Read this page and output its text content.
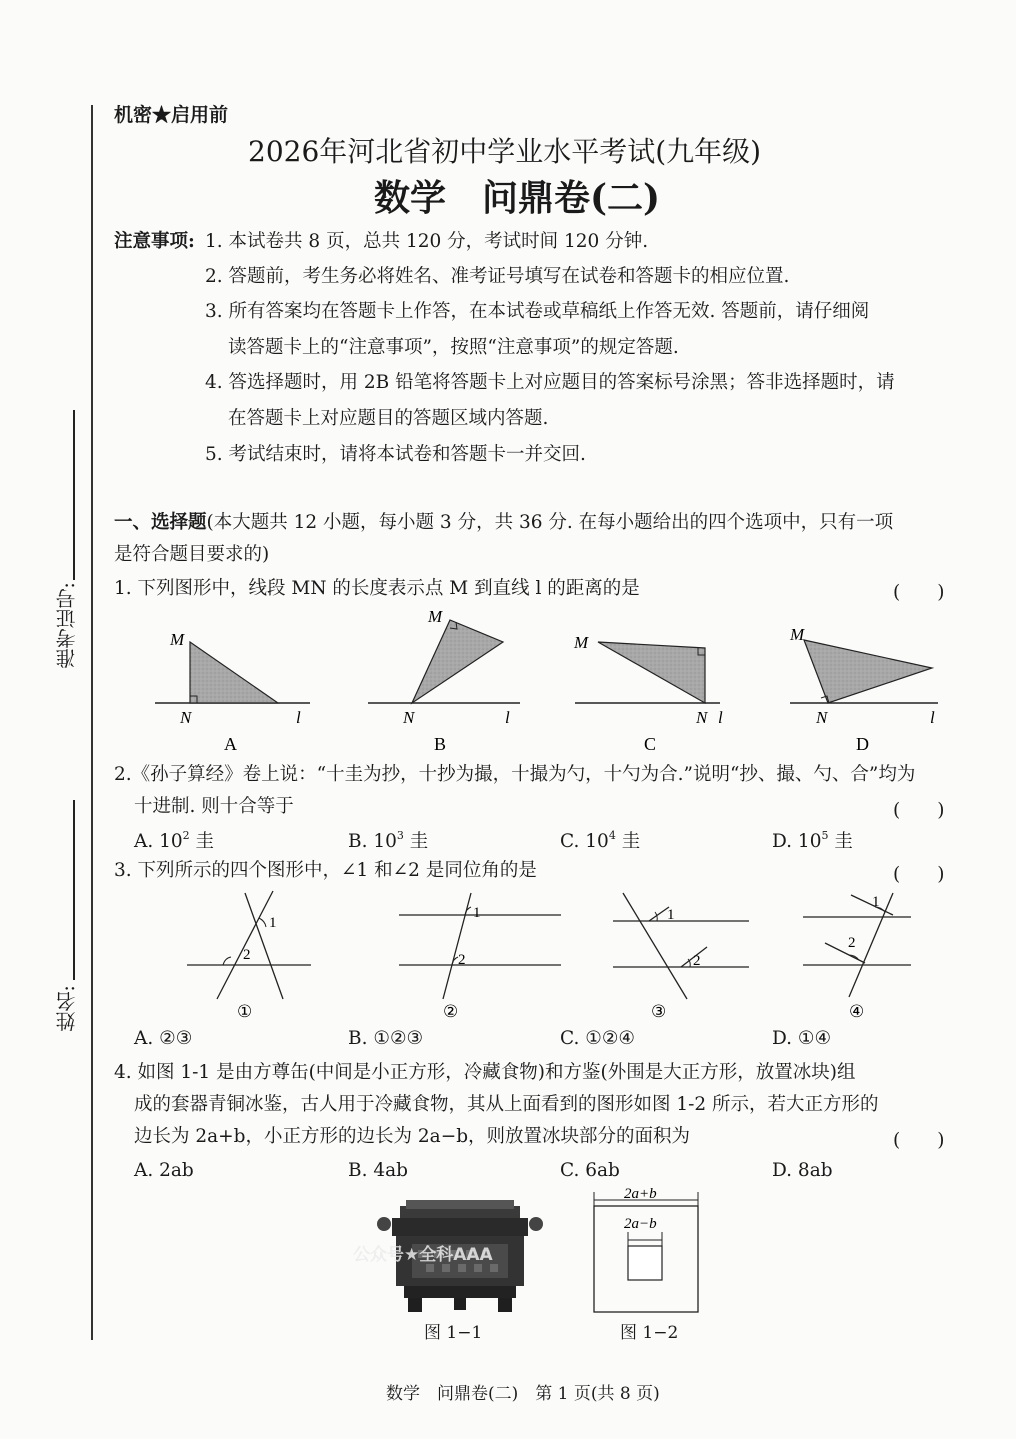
准考证号:
姓名:
机密★启用前
2026年河北省初中学业水平考试(九年级)
数学　问鼎卷(二)
注意事项: 1. 本试卷共 8 页，总共 120 分，考试时间 120 分钟.
2. 答题前，考生务必将姓名、准考证号填写在试卷和答题卡的相应位置.
3. 所有答案均在答题卡上作答，在本试卷或草稿纸上作答无效. 答题前，请仔细阅
读答题卡上的“注意事项”，按照“注意事项”的规定答题.
4. 答选择题时，用 2B 铅笔将答题卡上对应题目的答案标号涂黑；答非选择题时，请
在答题卡上对应题目的答题区域内答题.
5. 考试结束时，请将本试卷和答题卡一并交回.
一、选择题(本大题共 12 小题，每小题 3 分，共 36 分. 在每小题给出的四个选项中，只有一项
是符合题目要求的)
1. 下列图形中，线段 MN 的长度表示点 M 到直线 l 的距离的是	(　　)
M
N	l
A
M
N	l
B
M
N l
C
M
N	l
D
2.《孙子算经》卷上说：“十圭为抄，十抄为撮，十撮为勺，十勺为合.”说明“抄、撮、勺、合”均为
十进制. 则十合等于	(　　)
A. $10^2$ 圭	B. $10^3$ 圭	C. $10^4$ 圭	D. $10^5$ 圭
3. 下列所示的四个图形中，∠1 和∠2 是同位角的是	(　　)
1
2
①
1
2
②
1
2
③
1
2
④
A. ②③	B. ①②③	C. ①②④	D. ①④
4. 如图 1-1 是由方尊缶(中间是小正方形，冷藏食物)和方鉴(外围是大正方形，放置冰块)组
成的套器青铜冰鉴，古人用于冷藏食物，其从上面看到的图形如图 1-2 所示，若大正方形的
边长为 2a+b，小正方形的边长为 2a−b，则放置冰块部分的面积为	(　　)
A. 2ab	B. 4ab	C. 6ab	D. 8ab
公众号★全科AAA
2a+b
2a−b
图 1−1	图 1−2
数学　问鼎卷(二)　第 1 页(共 8 页)
